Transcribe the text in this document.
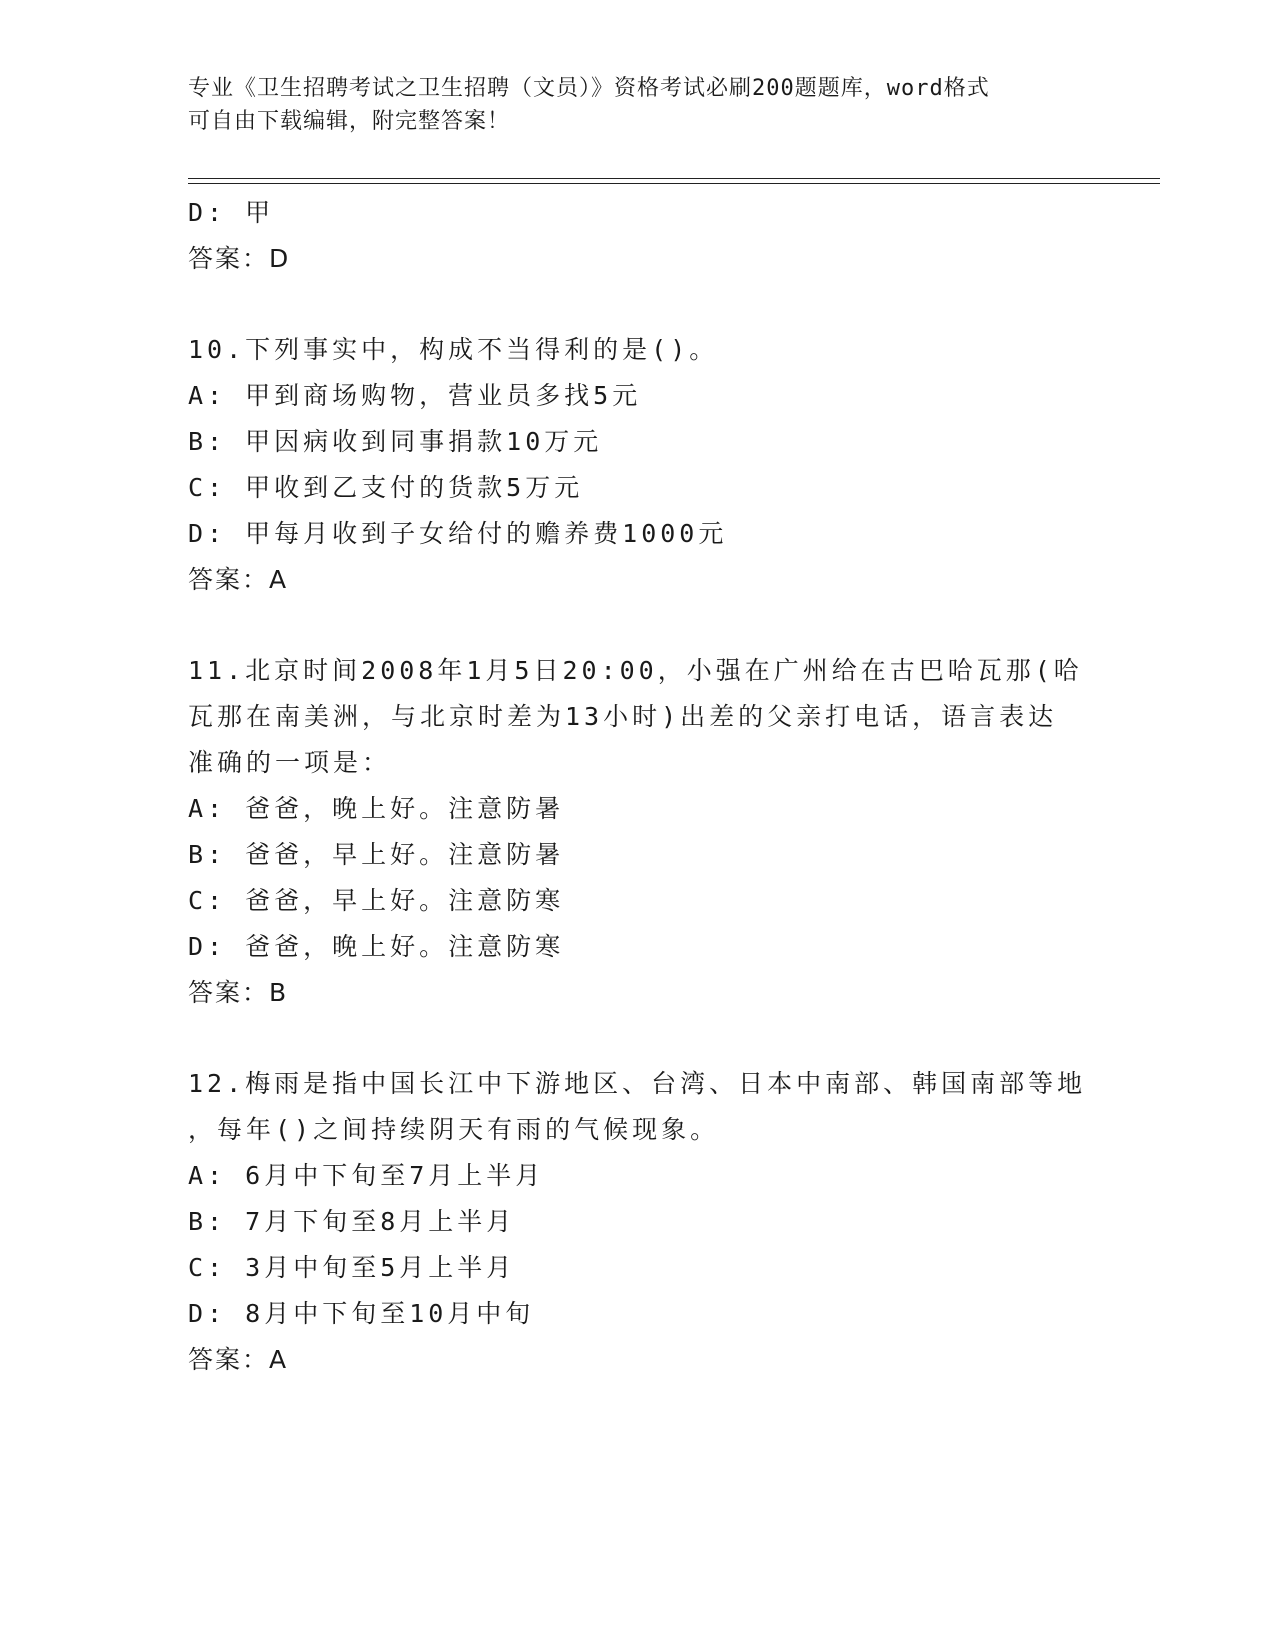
专业《卫生招聘考试之卫生招聘（文员）》资格考试必刷200题题库，word格式
可自由下载编辑，附完整答案！
D: 甲
答案：D
10.下列事实中，构成不当得利的是()。
A: 甲到商场购物，营业员多找5元
B: 甲因病收到同事捐款10万元
C: 甲收到乙支付的货款5万元
D: 甲每月收到子女给付的赡养费1000元
答案：A
11.北京时间2008年1月5日20:00，小强在广州给在古巴哈瓦那(哈
瓦那在南美洲，与北京时差为13小时)出差的父亲打电话，语言表达
准确的一项是：
A: 爸爸，晚上好。注意防暑
B: 爸爸，早上好。注意防暑
C: 爸爸，早上好。注意防寒
D: 爸爸，晚上好。注意防寒
答案：B
12.梅雨是指中国长江中下游地区、台湾、日本中南部、韩国南部等地
，每年()之间持续阴天有雨的气候现象。
A: 6月中下旬至7月上半月
B: 7月下旬至8月上半月
C: 3月中旬至5月上半月
D: 8月中下旬至10月中旬
答案：A
